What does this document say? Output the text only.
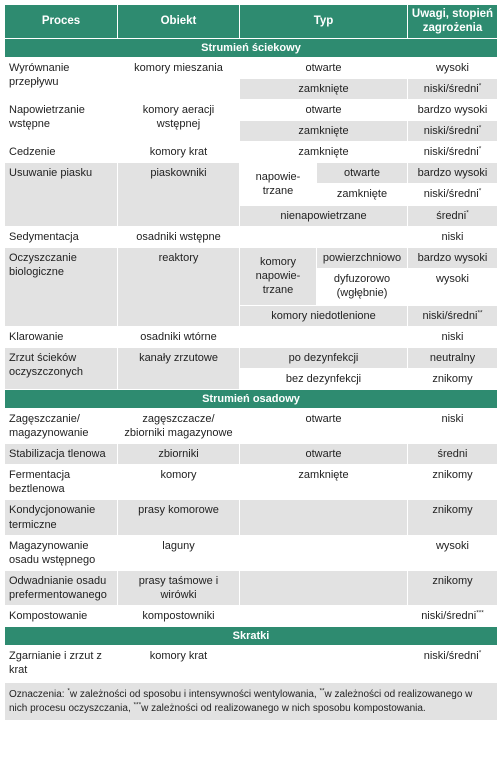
Proces	Obiekt	Typ		Uwagi, stopień zagrożenia
Strumień ściekowy				
Wyrównanie przepływu	komory mieszania	otwarte		wysoki
		zamknięte		niski/średni*
Napowietrzanie wstępne	komory aeracji wstępnej	otwarte		bardzo wysoki
		zamknięte		niski/średni*
Cedzenie	komory krat	zamknięte		niski/średni*
Usuwanie piasku	piaskowniki	napowie-trzane	otwarte	bardzo wysoki
			zamknięte	niski/średni*
		nienapowietrzane		średni*
Sedymentacja	osadniki wstępne			niski
Oczyszczanie biologiczne	reaktory	komory napowie-trzane	powierzchniowo	bardzo wysoki
			dyfuzorowo (wgłębnie)	wysoki
		komory niedotlenione		niski/średni**
Klarowanie	osadniki wtórne			niski
Zrzut ścieków oczyszczonych	kanały zrzutowe	po dezynfekcji		neutralny
		bez dezynfekcji		znikomy
Strumień osadowy				
Zagęszczanie/ magazynowanie	zagęszczacze/ zbiorniki magazynowe	otwarte		niski
Stabilizacja tlenowa	zbiorniki	otwarte		średni
Fermentacja beztlenowa	komory	zamknięte		znikomy
Kondycjonowanie termiczne	prasy komorowe			znikomy
Magazynowanie osadu wstępnego	laguny			wysoki
Odwadnianie osadu prefermentowanego	prasy taśmowe i wirówki			znikomy
Kompostowanie	kompostowniki			niski/średni***
Skratki				
Zgarnianie i zrzut z krat	komory krat			niski/średni*
Oznaczenia: *w zależności od sposobu i intensywności wentylowania, **w zależności od realizowanego w nich procesu oczyszczania, ***w zależności od realizowanego w nich sposobu kompostowania.				
